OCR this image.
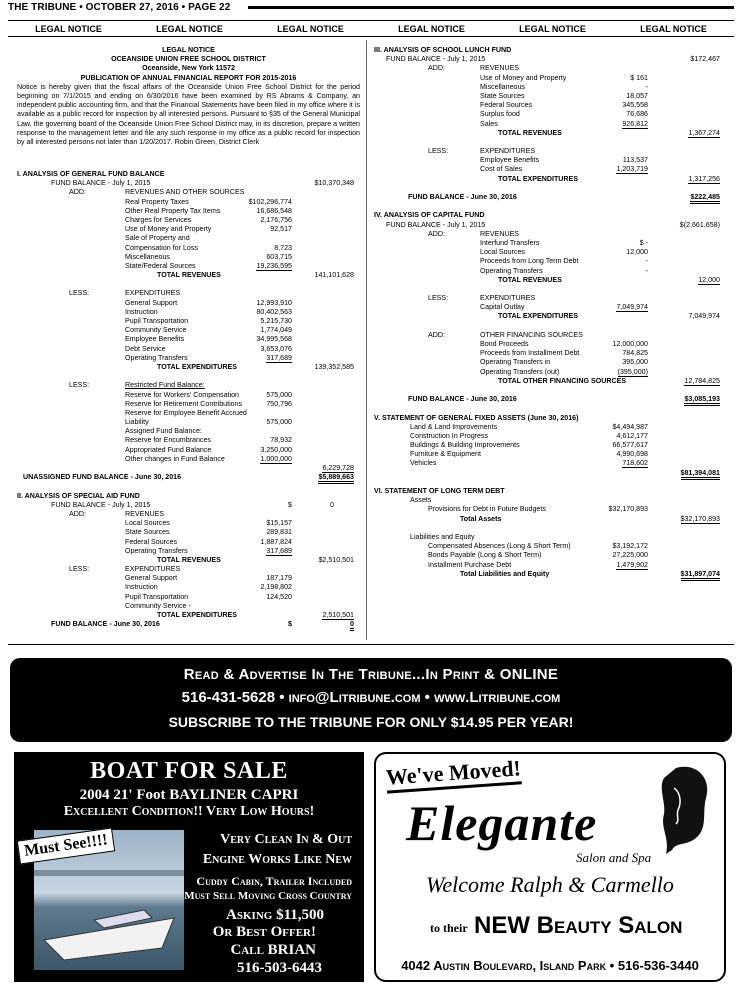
THE TRIBUNE • OCTOBER 27, 2016 • PAGE 22
LEGAL NOTICE	LEGAL NOTICE	LEGAL NOTICE	LEGAL NOTICE	LEGAL NOTICE	LEGAL NOTICE
LEGAL NOTICE
OCEANSIDE UNION FREE SCHOOL DISTRICT
Oceanside, New York 11572
PUBLICATION OF ANNUAL FINANCIAL REPORT FOR 2015-2016
Notice is hereby given that the fiscal affairs of the Oceanside Union Free School District for the period beginning on 7/1/2015 and ending on 6/30/2016 have been examined by RS Abrams & Company, an independent public accounting firm, and that the Financial Statements have been filed in my office where it is available as a public record for inspection by all interested persons. Pursuant to §35 of the General Municipal Law, the governing board of the Oceanside Union Free School District may, in its discretion, prepare a written response to the management letter and file any such response in my office as a public record for inspection by all interested persons not later than 1/20/2017. Robin Green, District Clerk
I. ANALYSIS OF GENERAL FUND BALANCE
FUND BALANCE - July 1, 2015	$10,370,348
ADD:	REVENUES AND OTHER SOURCES
Real Property Taxes	$102,296,774
Other Real Property Tax Items	16,686,548
Charges for Services	2,176,756
Use of Money and Property	92,517
Sale of Property and
Compensation for Loss	8,723
Miscellaneous	603,715
State/Federal Sources	19,236,595
TOTAL REVENUES	141,101,628
LESS:	EXPENDITURES
General Support	12,993,910
Instruction	80,402,563
Pupil Transportation	5,215,730
Community Service	1,774,049
Employee Benefits	34,995,568
Debt Service	3,653,076
Operating Transfers	317,689
TOTAL EXPENDITURES	139,352,585
LESS:	Restricted Fund Balance:
Reserve for Workers' Compensation	575,000
Reserve for Retirement Contributions	750,796
Reserve for Employee Benefit Accrued
Liability	575,000
Assigned Fund Balance:
Reserve for Encumbrances	78,932
Appropriated Fund Balance	3,250,000
Other changes in Fund Balance	1,000,000
6,229,728
UNASSIGNED FUND BALANCE - June 30, 2016	$5,889,663
II. ANALYSIS OF SPECIAL AID FUND
FUND BALANCE - July 1, 2015	$	0
ADD:	REVENUES
Local Sources	$15,157
State Sources	289,831
Federal Sources	1,887,824
Operating Transfers	317,689
TOTAL REVENUES	$2,510,501
LESS:	EXPENDITURES
General Support	187,179
Instruction	2,198,802
Pupil Transportation	124,520
Community Service -
TOTAL EXPENDITURES	2,510,501
FUND BALANCE - June 30, 2016	$	0
III. ANALYSIS OF SCHOOL LUNCH FUND
FUND BALANCE - July 1, 2015	$172,467
ADD:	REVENUES
Use of Money and Property	$ 161
Miscellaneous	-
State Sources	18,057
Federal Sources	345,558
Surplus food	76,686
Sales	926,812
TOTAL REVENUES	1,367,274
LESS:	EXPENDITURES
Employee Benefits	113,537
Cost of Sales	1,203,719
TOTAL EXPENDITURES	1,317,256
FUND BALANCE - June 30, 2016	$222,485
IV. ANALYSIS OF CAPITAL FUND
FUND BALANCE - July 1, 2015	$(2,661,658)
ADD:	REVENUES
Interfund Transfers	$ -
Local Sources	12,000
Proceeds from Long Term Debt	-
Operating Transfers	-
TOTAL REVENUES	12,000
LESS:	EXPENDITURES
Capital Outlay	7,049,974
TOTAL EXPENDITURES	7,049,974
ADD:	OTHER FINANCING SOURCES
Bond Proceeds	12,000,000
Proceeds from Installment Debt	784,825
Operating Transfers in	395,000
Operating Transfers (out)	(395,000)
TOTAL OTHER FINANCING SOURCES	12,784,825
FUND BALANCE - June 30, 2016	$3,085,193
V. STATEMENT OF GENERAL FIXED ASSETS (June 30, 2016)
Land & Land Improvements	$4,494,987
Construction In Progress	4,612,177
Buildings & Building Improvements	66,577,617
Furniture & Equipment	4,990,698
Vehicles	718,602
$81,394,081
VI. STATEMENT OF LONG TERM DEBT
Assets
Provisions for Debt in Future Budgets	$32,170,893
Total Assets	$32,170,893
Liabilities and Equity
Compensated Absences (Long & Short Term)	$3,192,172
Bonds Payable (Long & Short Term)	27,225,000
Installment Purchase Debt	1,479,902
Total Liabilities and Equity	$31,897,074
Read & Advertise In The Tribune...In Print & ONLINE
516-431-5628 • info@Litribune.com • www.Litribune.com
SUBSCRIBE TO THE TRIBUNE FOR ONLY $14.95 PER YEAR!
BOAT FOR SALE
2004 21' Foot BAYLINER CAPRI
Excellent Condition!! Very Low Hours!
Must See!!!!	Very Clean In & Out
Engine Works Like New
Cuddy Cabin, Trailer Included
Must Sell Moving Cross Country
Asking $11,500
Or Best Offer!
Call BRIAN
516-503-6443
We've Moved!
Elegante
Salon and Spa
Welcome Ralph & Carmello
to their NEW Beauty Salon
4042 Austin Boulevard, Island Park • 516-536-3440
